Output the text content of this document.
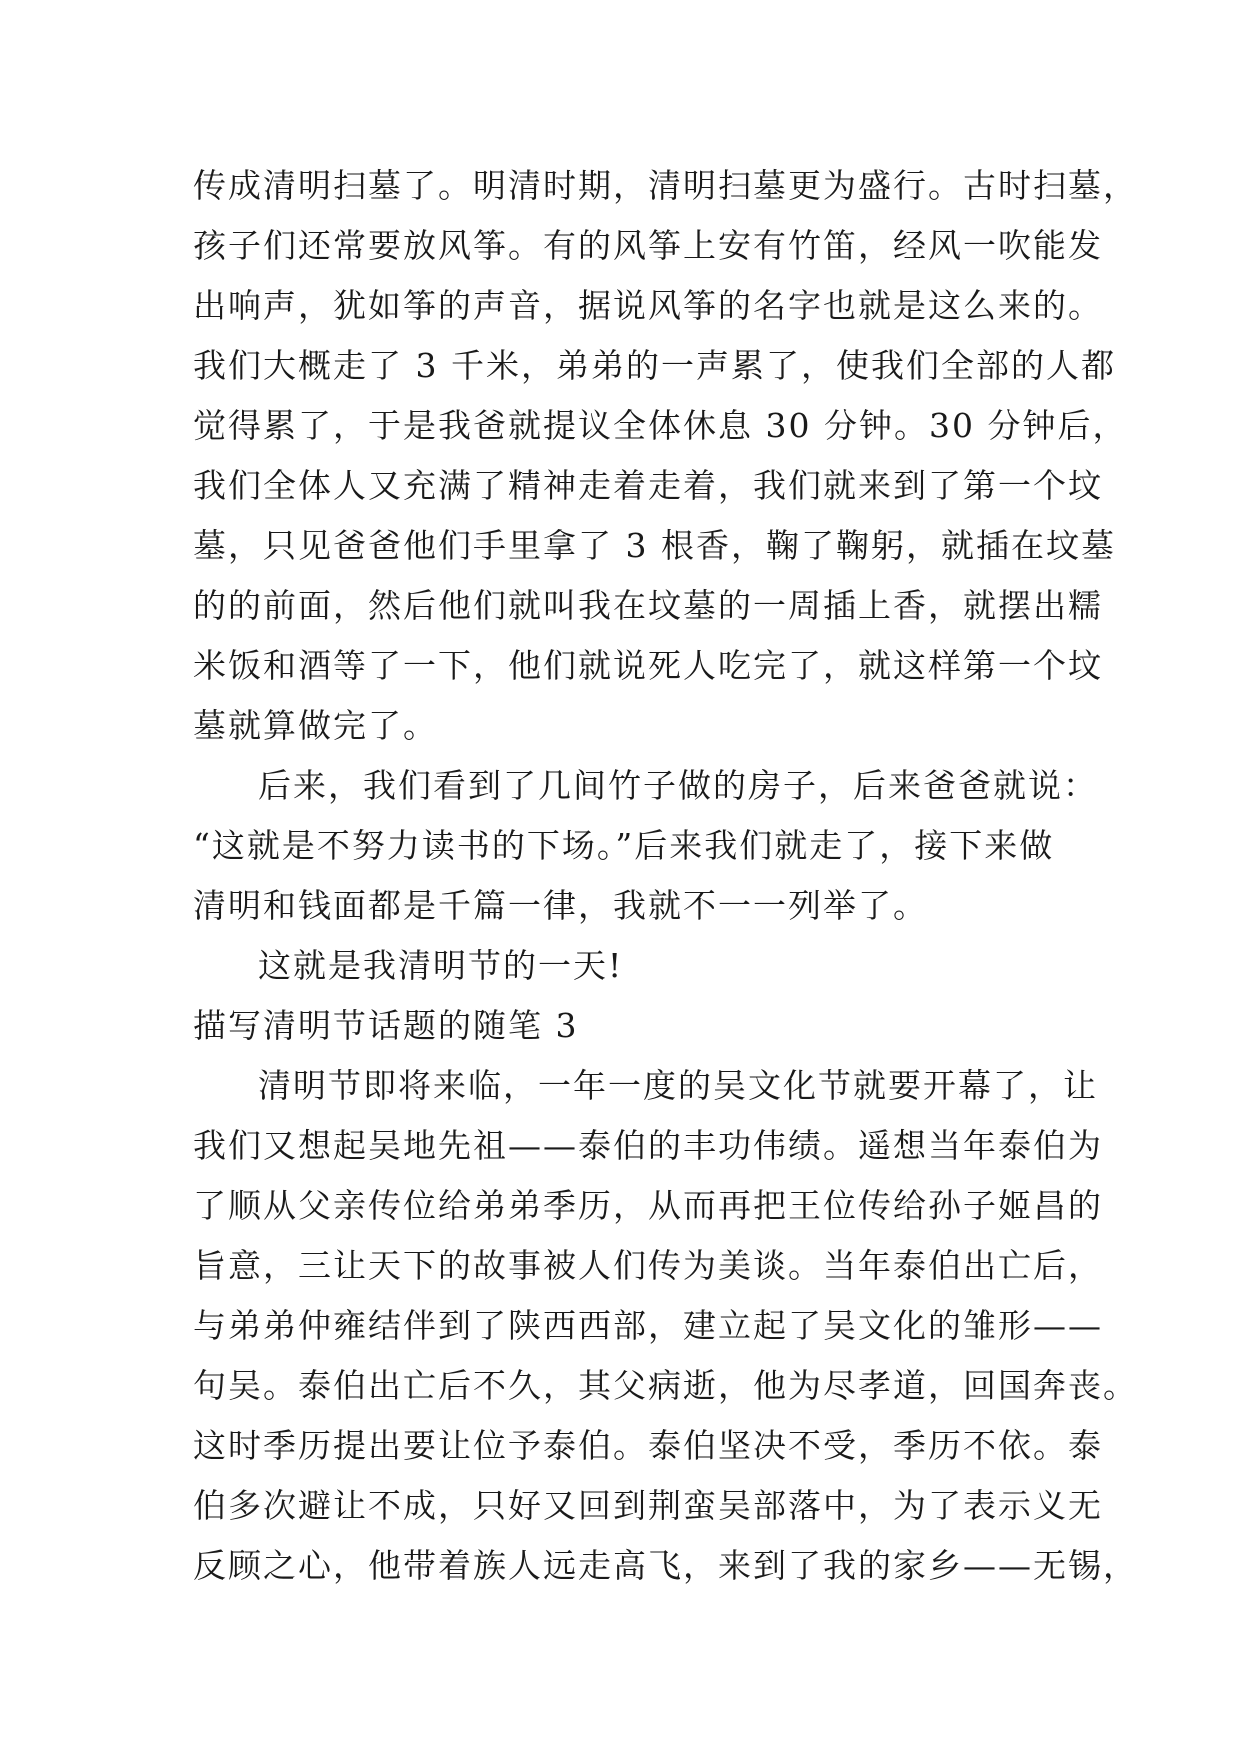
传成清明扫墓了。明清时期，清明扫墓更为盛行。古时扫墓，
孩子们还常要放风筝。有的风筝上安有竹笛，经风一吹能发
出响声，犹如筝的声音，据说风筝的名字也就是这么来的。
我们大概走了 3 千米，弟弟的一声累了，使我们全部的人都
觉得累了，于是我爸就提议全体休息 30 分钟。30 分钟后，
我们全体人又充满了精神走着走着，我们就来到了第一个坟
墓，只见爸爸他们手里拿了 3 根香，鞠了鞠躬，就插在坟墓
的的前面，然后他们就叫我在坟墓的一周插上香，就摆出糯
米饭和酒等了一下，他们就说死人吃完了，就这样第一个坟
墓就算做完了。
后来，我们看到了几间竹子做的房子，后来爸爸就说：
“这就是不努力读书的下场。”后来我们就走了，接下来做
清明和钱面都是千篇一律，我就不一一列举了。
这就是我清明节的一天!
描写清明节话题的随笔 3
清明节即将来临，一年一度的吴文化节就要开幕了，让
我们又想起吴地先祖——泰伯的丰功伟绩。遥想当年泰伯为
了顺从父亲传位给弟弟季历，从而再把王位传给孙子姬昌的
旨意，三让天下的故事被人们传为美谈。当年泰伯出亡后，
与弟弟仲雍结伴到了陕西西部，建立起了吴文化的雏形——
句吴。泰伯出亡后不久，其父病逝，他为尽孝道，回国奔丧。
这时季历提出要让位予泰伯。泰伯坚决不受，季历不依。泰
伯多次避让不成，只好又回到荆蛮吴部落中，为了表示义无
反顾之心，他带着族人远走高飞，来到了我的家乡——无锡，
